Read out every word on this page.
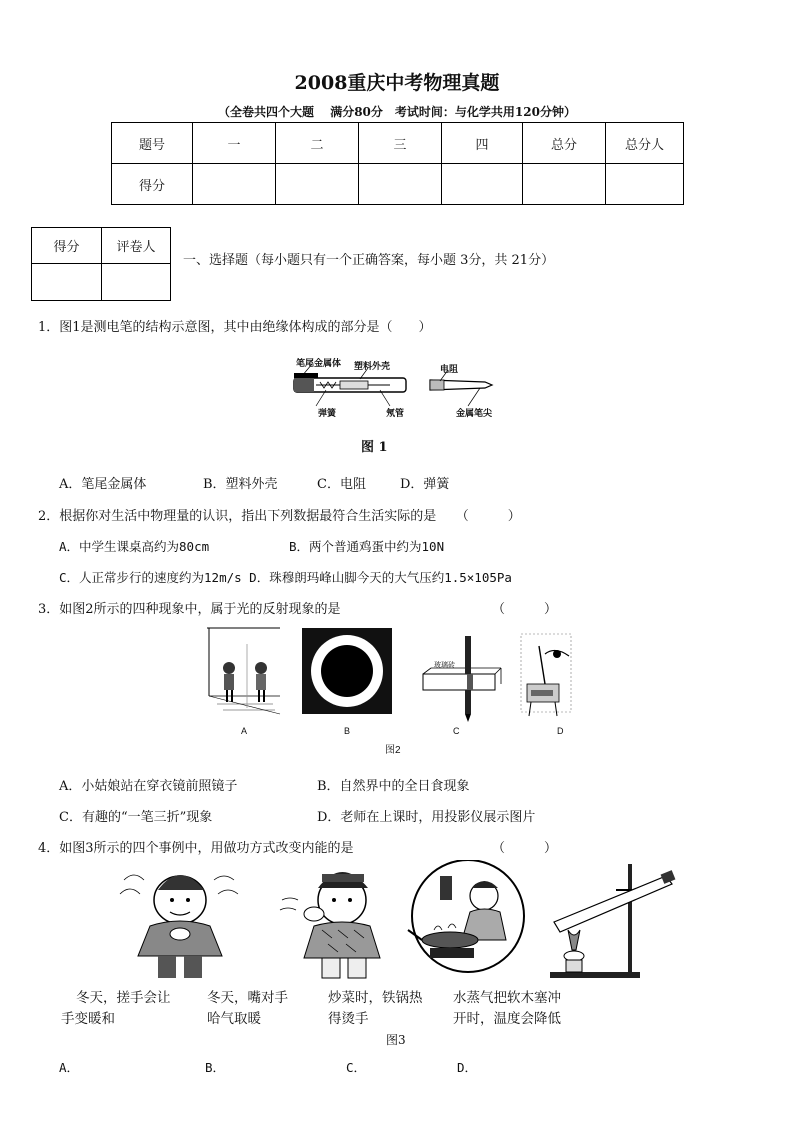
2008重庆中考物理真题
（全卷共四个大题　 满分80分　考试时间：与化学共用120分钟）
题号	一	二	三	四	总分	总分人
得分						
得分	评卷人

一、选择题（每小题只有一个正确答案，每小题 3分，共 21分）
1．图1是测电笔的结构示意图，其中由绝缘体构成的部分是（　　）
笔尾金属体 塑料外壳	电阻
弹簧	氖管	金属笔尖
图 1
A．笔尾金属体	B．塑料外壳	C．电阻	D．弹簧
2．根据你对生活中物理量的认识，指出下列数据最符合生活实际的是　　（　　　）
A．中学生课桌高约为80cm	B．两个普通鸡蛋中约为10N
C．人正常步行的速度约为12m/s D．珠穆朗玛峰山脚今天的大气压约1.5×105Pa
3．如图2所示的四种现象中，属于光的反射现象的是	（　　　）
玻璃砖
A	B	C	D
图2
A．小姑娘站在穿衣镜前照镜子	B．自然界中的全日食现象
C．有趣的“一笔三折”现象	D．老师在上课时，用投影仪展示图片
4．如图3所示的四个事例中，用做功方式改变内能的是	（　　　）
冬天，搓手会让
手变暖和
冬天，嘴对手
哈气取暖
炒菜时，铁锅热
得烫手
水蒸气把软木塞冲
开时，温度会降低
图3
A．	B．	C．	D．
